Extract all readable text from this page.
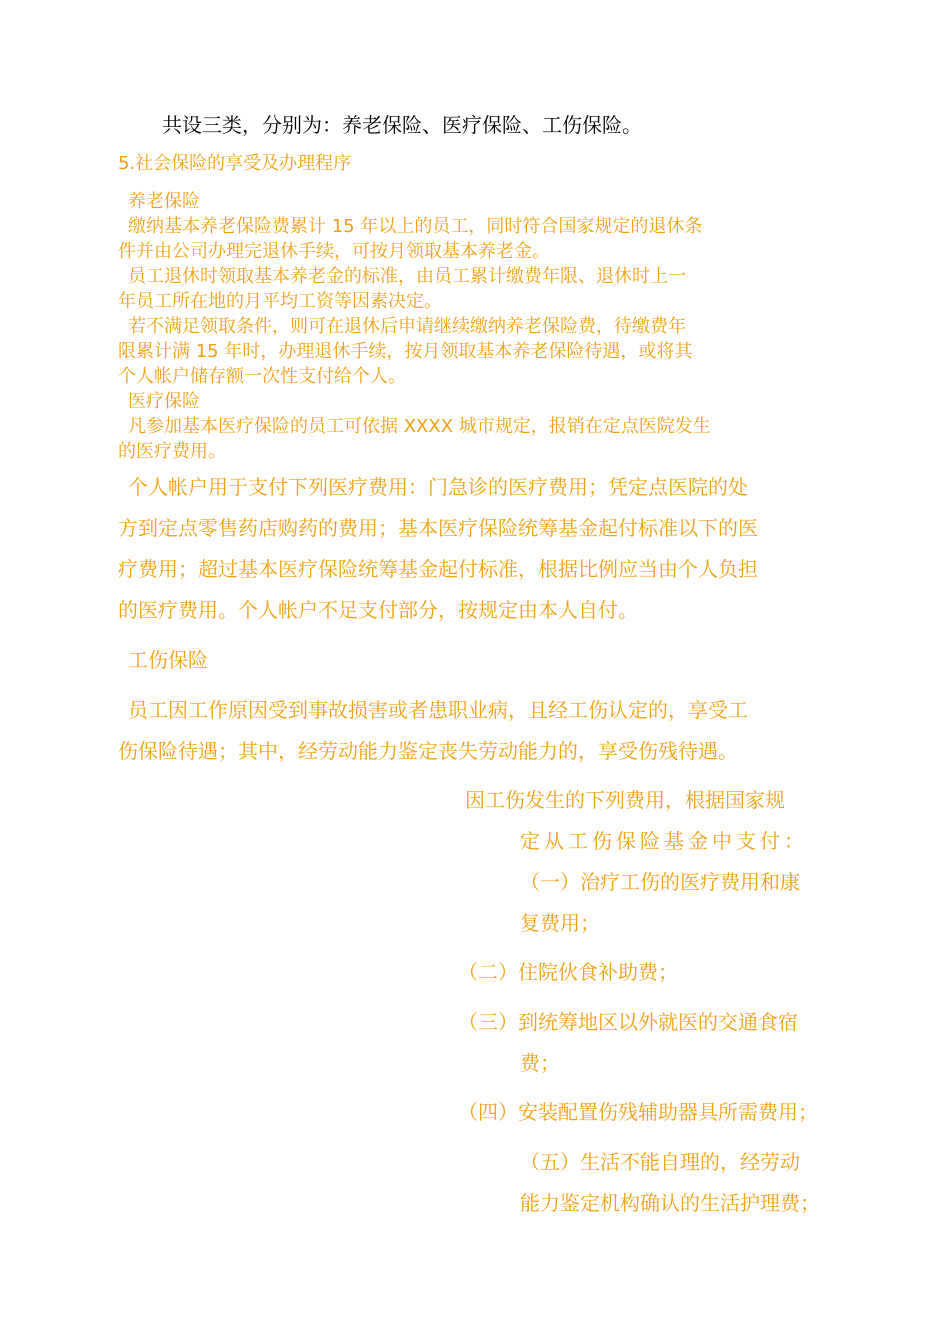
共设三类，分别为：养老保险、医疗保险、工伤保险。
5.社会保险的享受及办理程序
养老保险
缴纳基本养老保险费累计 15 年以上的员工，同时符合国家规定的退休条
件并由公司办理完退休手续，可按月领取基本养老金。
员工退休时领取基本养老金的标准，由员工累计缴费年限、退休时上一
年员工所在地的月平均工资等因素决定。
若不满足领取条件，则可在退休后申请继续缴纳养老保险费，待缴费年
限累计满 15 年时，办理退休手续，按月领取基本养老保险待遇，或将其
个人帐户储存额一次性支付给个人。
医疗保险
凡参加基本医疗保险的员工可依据 XXXX 城市规定，报销在定点医院发生
的医疗费用。
个人帐户用于支付下列医疗费用：门急诊的医疗费用；凭定点医院的处
方到定点零售药店购药的费用；基本医疗保险统筹基金起付标准以下的医
疗费用；超过基本医疗保险统筹基金起付标准，根据比例应当由个人负担
的医疗费用。个人帐户不足支付部分，按规定由本人自付。
工伤保险
员工因工作原因受到事故损害或者患职业病，且经工伤认定的，享受工
伤保险待遇；其中，经劳动能力鉴定丧失劳动能力的，享受伤残待遇。
因工伤发生的下列费用，根据国家规
定从工伤保险基金中支付：
（一）治疗工伤的医疗费用和康
复费用；
（二）住院伙食补助费；
（三）到统筹地区以外就医的交通食宿
费；
（四）安装配置伤残辅助器具所需费用；
（五）生活不能自理的，经劳动
能力鉴定机构确认的生活护理费；
